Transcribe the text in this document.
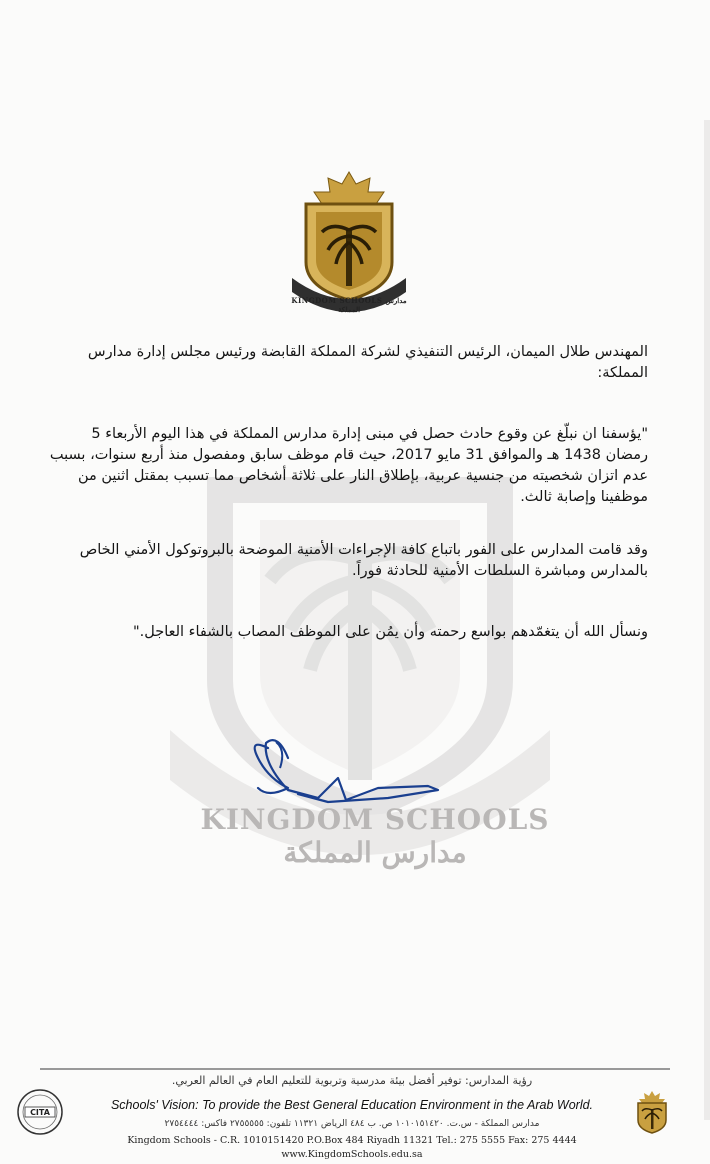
KINGDOM SCHOOLS مدارس المملكة
KINGDOM SCHOOLS مدارس المملكة

المهندس طلال الميمان، الرئيس التنفيذي لشركة المملكة القابضة ورئيس مجلس إدارة مدارس المملكة:

"يؤسفنا ان نبلّغ عن وقوع حادث حصل في مبنى إدارة مدارس المملكة في هذا اليوم الأربعاء 5 رمضان 1438 هـ والموافق 31 مايو 2017، حيث قام موظف سابق ومفصول منذ أربع سنوات، بسبب عدم اتزان شخصيته من جنسية عربية، بإطلاق النار على ثلاثة أشخاص مما تسبب بمقتل اثنين من موظفينا وإصابة ثالث.

وقد قامت المدارس على الفور باتباع كافة الإجراءات الأمنية الموضحة بالبروتوكول الأمني الخاص بالمدارس ومباشرة السلطات الأمنية للحادثة فوراً.

ونسأل الله أن يتغمّدهم بواسع رحمته وأن يمُن على الموظف المصاب بالشفاء العاجل."

CITA
رؤية المدارس: توفير أفضل بيئة مدرسية وتربوية للتعليم العام في العالم العربي.
Schools' Vision: To provide the Best General Education Environment in the Arab World.
مدارس المملكة - س.ت. ١٠١٠١٥١٤٢٠ ص. ب ٤٨٤ الرياض ١١٣٢١ تلفون: ٢٧٥٥٥٥٥ فاكس: ٢٧٥٤٤٤٤
Kingdom Schools - C.R. 1010151420 P.O.Box 484 Riyadh 11321 Tel.: 275 5555 Fax: 275 4444
www.KingdomSchools.edu.sa
